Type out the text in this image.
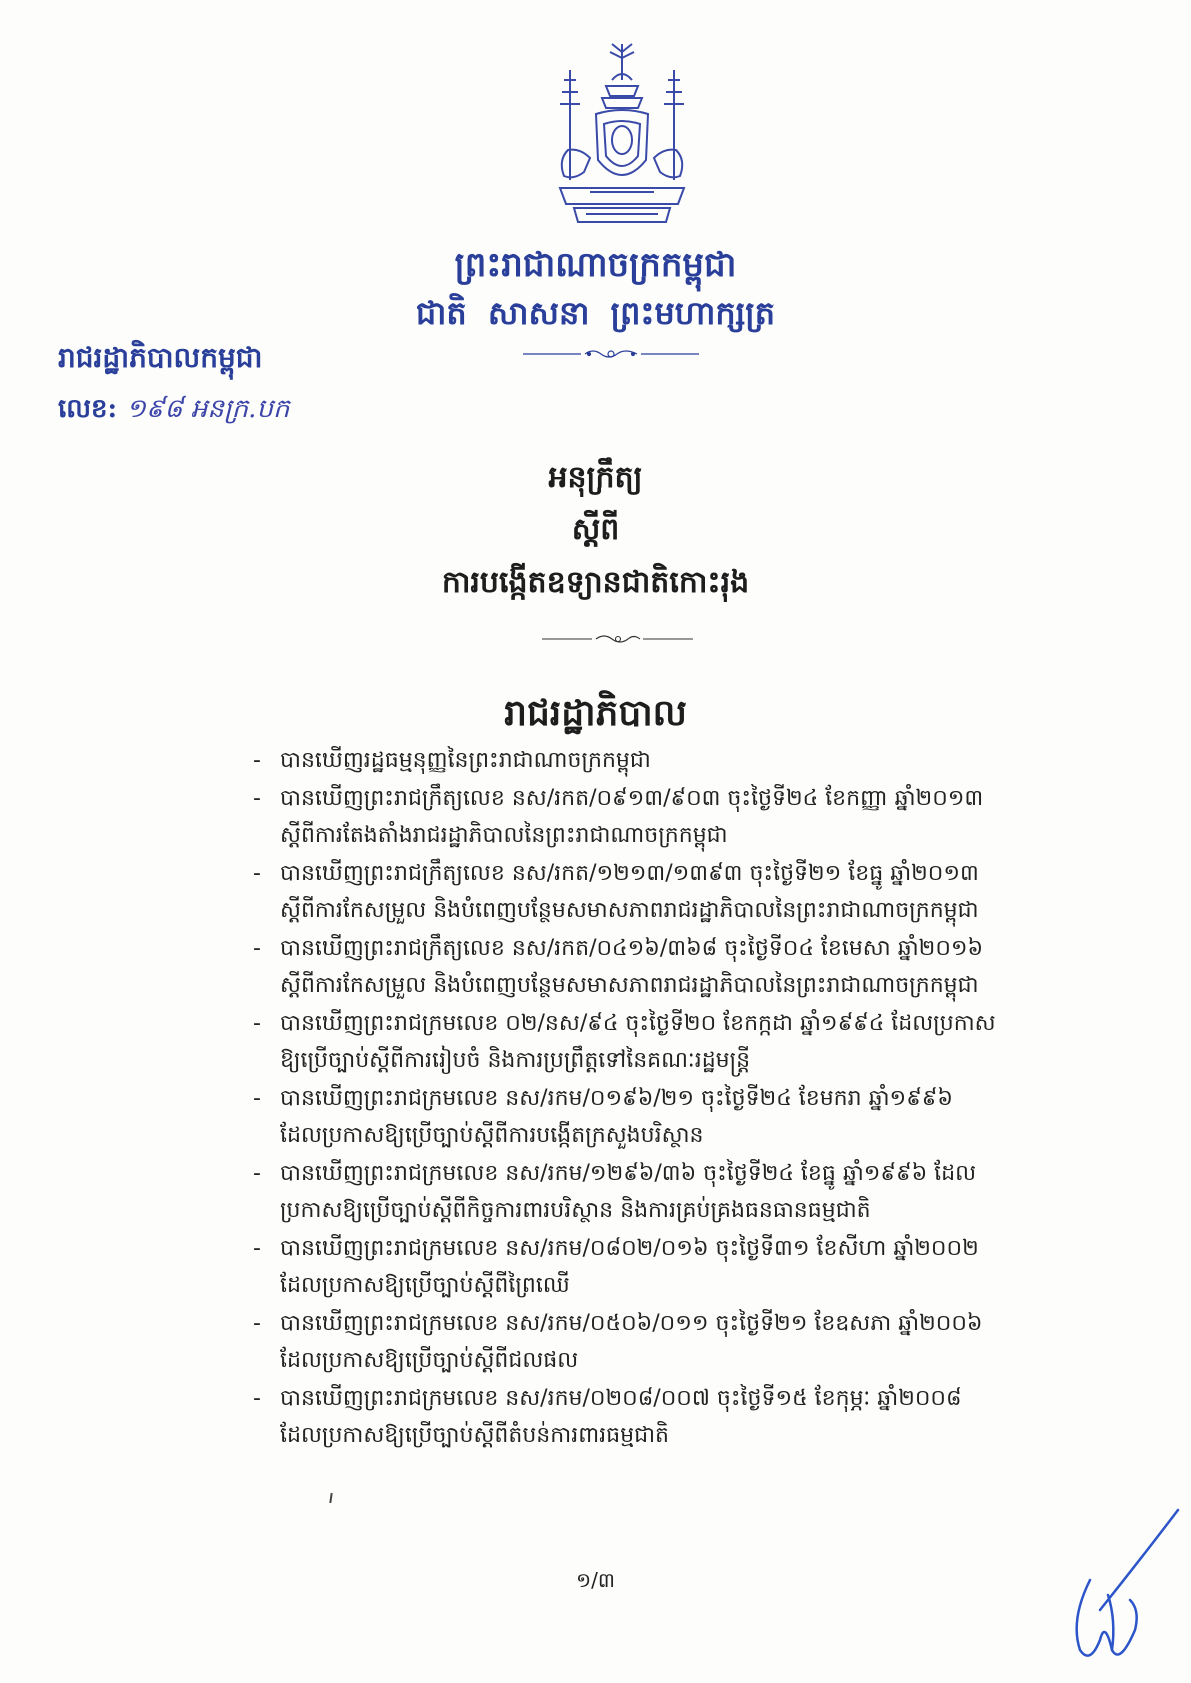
ព្រះរាជាណាចក្រកម្ពុជា
ជាតិ សាសនា ព្រះមហាក្សត្រ
រាជរដ្ឋាភិបាលកម្ពុជា
លេខ: ១៩៨ អនក្រ.បក
អនុក្រឹត្យ
ស្តីពី
ការបង្កើតឧទ្យានជាតិកោះរុង
រាជរដ្ឋាភិបាល
- បានឃើញរដ្ឋធម្មនុញ្ញនៃព្រះរាជាណាចក្រកម្ពុជា
- បានឃើញព្រះរាជក្រឹត្យលេខ នស/រកត/០៩១៣/៩០៣ ចុះថ្ងៃទី២៤ ខែកញ្ញា ឆ្នាំ២០១៣
ស្តីពីការតែងតាំងរាជរដ្ឋាភិបាលនៃព្រះរាជាណាចក្រកម្ពុជា
- បានឃើញព្រះរាជក្រឹត្យលេខ នស/រកត/១២១៣/១៣៩៣ ចុះថ្ងៃទី២១ ខែធ្នូ ឆ្នាំ២០១៣
ស្តីពីការកែសម្រួល និងបំពេញបន្ថែមសមាសភាពរាជរដ្ឋាភិបាលនៃព្រះរាជាណាចក្រកម្ពុជា
- បានឃើញព្រះរាជក្រឹត្យលេខ នស/រកត/០៤១៦/៣៦៨ ចុះថ្ងៃទី០៤ ខែមេសា ឆ្នាំ២០១៦
ស្តីពីការកែសម្រួល និងបំពេញបន្ថែមសមាសភាពរាជរដ្ឋាភិបាលនៃព្រះរាជាណាចក្រកម្ពុជា
- បានឃើញព្រះរាជក្រមលេខ ០២/នស/៩៤ ចុះថ្ងៃទី២០ ខែកក្កដា ឆ្នាំ១៩៩៤ ដែលប្រកាស
ឱ្យប្រើច្បាប់ស្តីពីការរៀបចំ និងការប្រព្រឹត្តទៅនៃគណៈរដ្ឋមន្ត្រី
- បានឃើញព្រះរាជក្រមលេខ នស/រកម/០១៩៦/២១ ចុះថ្ងៃទី២៤ ខែមករា ឆ្នាំ១៩៩៦
ដែលប្រកាសឱ្យប្រើច្បាប់ស្តីពីការបង្កើតក្រសួងបរិស្ថាន
- បានឃើញព្រះរាជក្រមលេខ នស/រកម/១២៩៦/៣៦ ចុះថ្ងៃទី២៤ ខែធ្នូ ឆ្នាំ១៩៩៦ ដែល
ប្រកាសឱ្យប្រើច្បាប់ស្តីពីកិច្ចការពារបរិស្ថាន និងការគ្រប់គ្រងធនធានធម្មជាតិ
- បានឃើញព្រះរាជក្រមលេខ នស/រកម/០៨០២/០១៦ ចុះថ្ងៃទី៣១ ខែសីហា ឆ្នាំ២០០២
ដែលប្រកាសឱ្យប្រើច្បាប់ស្តីពីព្រៃឈើ
- បានឃើញព្រះរាជក្រមលេខ នស/រកម/០៥០៦/០១១ ចុះថ្ងៃទី២១ ខែឧសភា ឆ្នាំ២០០៦
ដែលប្រកាសឱ្យប្រើច្បាប់ស្តីពីជលផល
- បានឃើញព្រះរាជក្រមលេខ នស/រកម/០២០៨/០០៧ ចុះថ្ងៃទី១៥ ខែកុម្ភៈ ឆ្នាំ២០០៨
ដែលប្រកាសឱ្យប្រើច្បាប់ស្តីពីតំបន់ការពារធម្មជាតិ
១/៣
